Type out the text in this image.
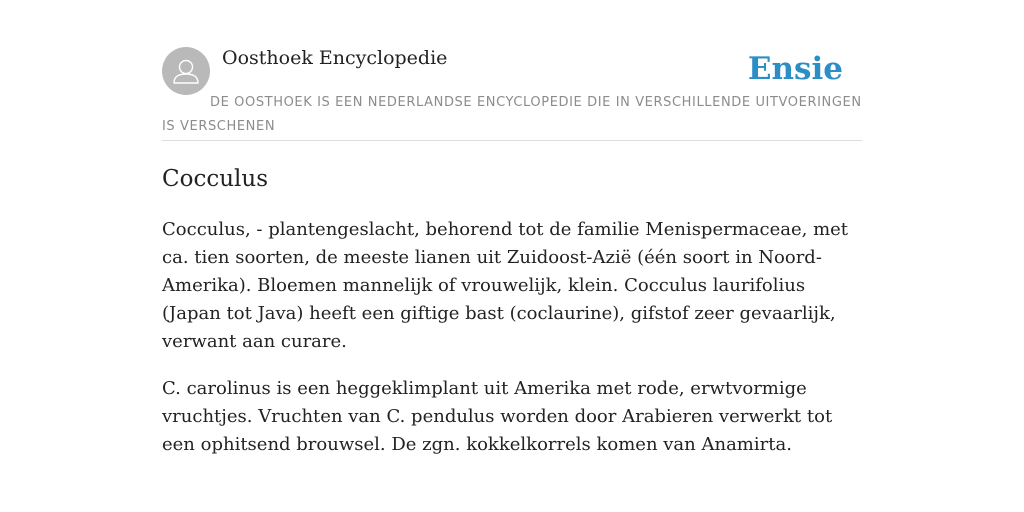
Oosthoek Encyclopedie	Ensie
DE OOSTHOEK IS EEN NEDERLANDSE ENCYCLOPEDIE DIE IN VERSCHILLENDE UITVOERINGEN IS VERSCHENEN
Cocculus

Cocculus, - plantengeslacht, behorend tot de familie Menispermaceae, met ca. tien soorten, de meeste lianen uit Zuidoost-Azië (één soort in Noord-Amerika). Bloemen mannelijk of vrouwelijk, klein. Cocculus laurifolius (Japan tot Java) heeft een giftige bast (coclaurine), gifstof zeer gevaarlijk, verwant aan curare.

C. carolinus is een heggeklimplant uit Amerika met rode, erwtvormige vruchtjes. Vruchten van C. pendulus worden door Arabieren verwerkt tot een ophitsend brouwsel. De zgn. kokkelkorrels komen van Anamirta.
